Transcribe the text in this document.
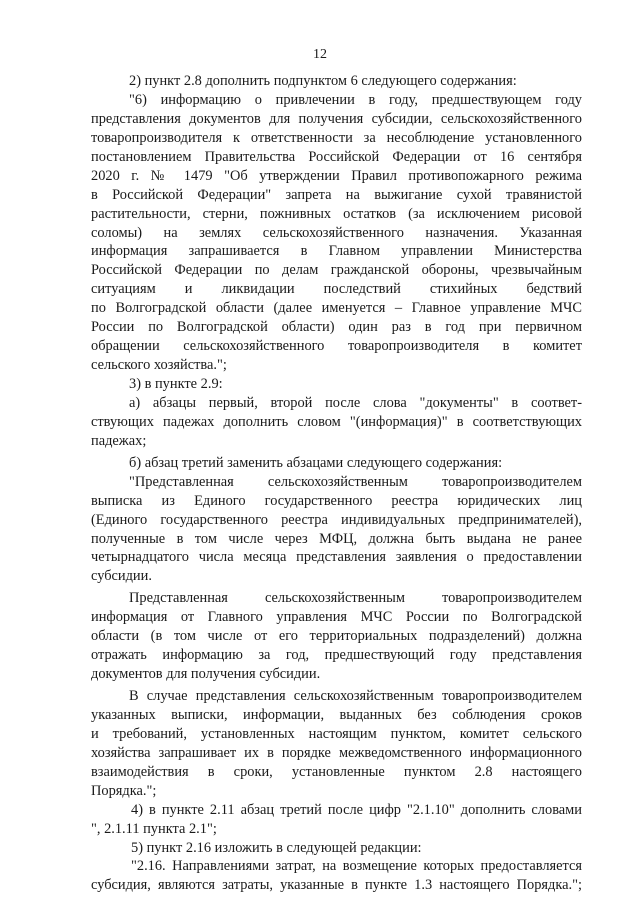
12
2) пункт 2.8 дополнить подпунктом 6 следующего содержания:
"6) информацию о привлечении в году, предшествующем году
представления документов для получения субсидии, сельскохозяйственного
товаропроизводителя к ответственности за несоблюдение установленного
постановлением Правительства Российской Федерации от 16 сентября
2020 г. № 1479 "Об утверждении Правил противопожарного режима
в Российской Федерации" запрета на выжигание сухой травянистой
растительности, стерни, пожнивных остатков (за исключением рисовой
соломы) на землях сельскохозяйственного назначения. Указанная
информация запрашивается в Главном управлении Министерства
Российской Федерации по делам гражданской обороны, чрезвычайным
ситуациям и ликвидации последствий стихийных бедствий
по Волгоградской области (далее именуется – Главное управление МЧС
России по Волгоградской области) один раз в год при первичном
обращении сельскохозяйственного товаропроизводителя в комитет
сельского хозяйства.";
3) в пункте 2.9:
а) абзацы первый, второй после слова "документы" в соответ-
ствующих падежах дополнить словом "(информация)" в соответствующих
падежах;
б) абзац третий заменить абзацами следующего содержания:
"Представленная сельскохозяйственным товаропроизводителем
выписка из Единого государственного реестра юридических лиц
(Единого государственного реестра индивидуальных предпринимателей),
полученные в том числе через МФЦ, должна быть выдана не ранее
четырнадцатого числа месяца представления заявления о предоставлении
субсидии.
Представленная сельскохозяйственным товаропроизводителем
информация от Главного управления МЧС России по Волгоградской
области (в том числе от его территориальных подразделений) должна
отражать информацию за год, предшествующий году представления
документов для получения субсидии.
В случае представления сельскохозяйственным товаропроизводителем
указанных выписки, информации, выданных без соблюдения сроков
и требований, установленных настоящим пунктом, комитет сельского
хозяйства запрашивает их в порядке межведомственного информационного
взаимодействия в сроки, установленные пунктом 2.8 настоящего
Порядка.";
4) в пункте 2.11 абзац третий после цифр "2.1.10" дополнить словами
", 2.1.11 пункта 2.1";
5) пункт 2.16 изложить в следующей редакции:
"2.16. Направлениями затрат, на возмещение которых предоставляется
субсидия, являются затраты, указанные в пункте 1.3 настоящего Порядка.";
